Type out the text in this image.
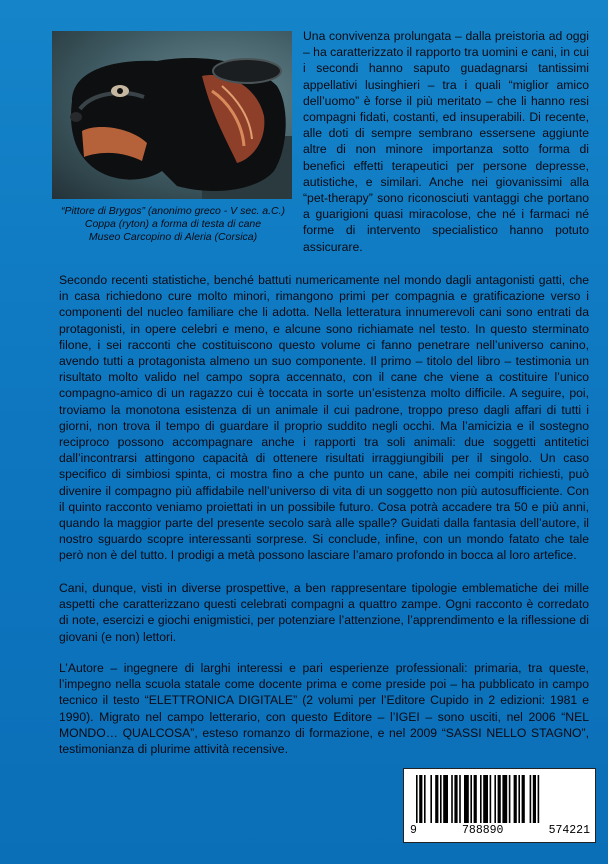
“Pittore di Brygos” (anonimo greco - V sec. a.C.)
Coppa (ryton) a forma di testa di cane
Museo Carcopino di Aleria (Corsica)
Una convivenza prolungata – dalla preistoria ad oggi – ha caratterizzato il rapporto tra uomini e cani, in cui i secondi hanno saputo guadagnarsi tantissimi appellativi lusinghieri – tra i quali “miglior amico dell’uomo” è forse il più meritato – che li hanno resi compagni fidati, costanti, ed insuperabili. Di recente, alle doti di sempre sembrano essersene aggiunte altre di non minore importanza sotto forma di benefici effetti terapeutici per persone depresse, autistiche, e similari. Anche nei giovanissimi alla “pet-therapy” sono riconosciuti vantaggi che portano a guarigioni quasi miracolose, che né i farmaci né forme di intervento specialistico hanno potuto assicurare.
Secondo recenti statistiche, benché battuti numericamente nel mondo dagli antagonisti gatti, che in casa richiedono cure molto minori, rimangono primi per compagnia e gratificazione verso i componenti del nucleo familiare che li adotta. Nella letteratura innumerevoli cani sono entrati da protagonisti, in opere celebri e meno, e alcune sono richiamate nel testo. In questo sterminato filone, i sei racconti che costituiscono questo volume ci fanno penetrare nell’universo canino, avendo tutti a protagonista almeno un suo componente. Il primo – titolo del libro – testimonia un risultato molto valido nel campo sopra accennato, con il cane che viene a costituire l’unico compagno-amico di un ragazzo cui è toccata in sorte un’esistenza molto difficile. A seguire, poi, troviamo la monotona esistenza di un animale il cui padrone, troppo preso dagli affari di tutti i giorni, non trova il tempo di guardare il proprio suddito negli occhi. Ma l’amicizia e il sostegno reciproco possono accompagnare anche i rapporti tra soli animali: due soggetti antitetici dall’incontrarsi attingono capacità di ottenere risultati irraggiungibili per il singolo. Un caso specifico di simbiosi spinta, ci mostra fino a che punto un cane, abile nei compiti richiesti, può divenire il compagno più affidabile nell’universo di vita di un soggetto non più autosufficiente. Con il quinto racconto veniamo proiettati in un possibile futuro. Cosa potrà accadere tra 50 e più anni, quando la maggior parte del presente secolo sarà alle spalle? Guidati dalla fantasia dell’autore, il nostro sguardo scopre interessanti sorprese. Si conclude, infine, con un mondo fatato che tale però non è del tutto. I prodigi a metà possono lasciare l’amaro profondo in bocca al loro artefice.
Cani, dunque, visti in diverse prospettive, a ben rappresentare tipologie emblematiche dei mille aspetti che caratterizzano questi celebrati compagni a quattro zampe. Ogni racconto è corredato di note, esercizi e giochi enigmistici, per potenziare l’attenzione, l’apprendimento e la riflessione di giovani (e non) lettori.
L’Autore – ingegnere di larghi interessi e pari esperienze professionali: primaria, tra queste, l’impegno nella scuola statale come docente prima e come preside poi – ha pubblicato in campo tecnico il testo “ELETTRONICA DIGITALE” (2 volumi per l’Editore Cupido in 2 edizioni: 1981 e 1990). Migrato nel campo letterario, con questo Editore – l’IGEI – sono usciti, nel 2006 “NEL MONDO… QUALCOSA”, esteso romanzo di formazione, e nel 2009 “SASSI NELLO STAGNO”, testimonianza di plurime attività recensive.
9	788890	574221
